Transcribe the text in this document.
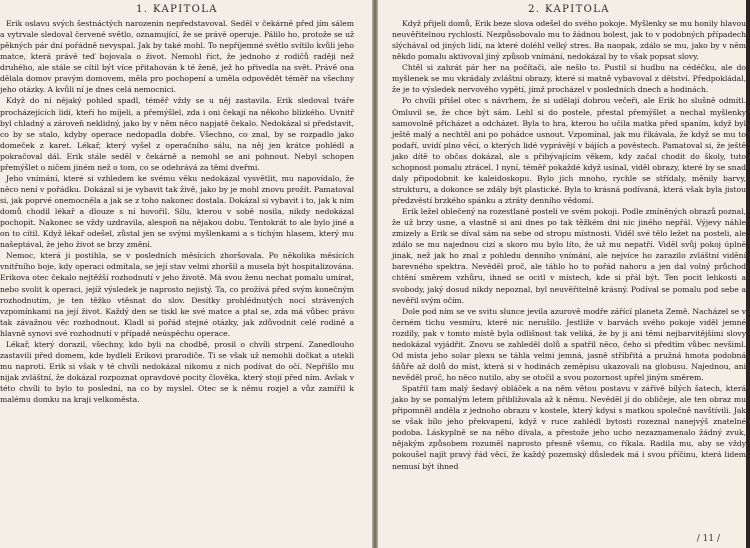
1. KAPITOLA

Erik oslavu svých šestnáctých narozenin nepředstavoval. Seděl v čekárně před jím sálem a vytrvale sledoval červené světlo, oznamující, že se právě operuje. Pálilo ho, protože se už pěkných pár dní pořádně nevyspal. Jak by také mohl. To nepříjemné světlo svítilo kvůli jeho matce, která právě teď bojovala o život. Nemohl říct, že jednoho z rodičů raději než druhého, ale stále se cítil být více přitahován k té ženě, jež ho přivedla na svět. Právě ona dělala domov pravým domovem, měla pro pochopení a uměla odpovědět téměř na všechny jeho otázky. A kvůli ní je dnes celá nemocnici.

Když do ní nějaký pohled spadl, téměř vždy se u něj zastavila. Erik sledoval tváře procházejících lidí, kteří ho míjeli, a přemýšlel, zda i oni čekají na někoho blízkého. Uvnitř byl chladný a zároveň neklidný, jako by v něm něco napjatě čekalo. Nedokázal si představit, co by se stalo, kdyby operace nedopadla dobře. Všechno, co znal, by se rozpadlo jako domeček z karet. Lékař, který vyšel z operačního sálu, na něj jen krátce pohlédl a pokračoval dál. Erik stále seděl v čekárně a nemohl se ani pohnout. Nebyl schopen přemýšlet o ničem jiném než o tom, co se odehrává za těmi dveřmi.

Jeho vnímání, které si vzhledem ke svému věku nedokázal vysvětlit, mu napovídalo, že něco není v pořádku. Dokázal si je vybavit tak živě, jako by je mohl znovu prožít. Pamatoval si, jak poprvé onemocněla a jak se z toho nakonec dostala. Dokázal si vybavit i to, jak k nim domů chodil lékař a dlouze s ní hovořil. Sílu, kterou v sobě nosila, nikdy nedokázal pochopit. Nakonec se vždy uzdravila, alespoň na nějakou dobu. Tentokrát to ale bylo jiné a on to cítil. Když lékař odešel, zůstal jen se svými myšlenkami a s tichým hlasem, který mu našeptával, že jeho život se brzy změní.

Nemoc, která ji postihla, se v posledních měsících zhoršovala. Po několika měsících vnitřního boje, kdy operaci odmítala, se její stav velmi zhoršil a musela být hospitalizována. Erikova otec čekalo nejtěžší rozhodnutí v jeho životě. Má svou ženu nechat pomalu umírat, nebo svolit k operaci, jejíž výsledek je naprosto nejistý. Ta, co prožívá před svým konečným rozhodnutím, je ten těžko vtěsnat do slov. Desítky prohlédnutých nocí strávených vzpomínkami na její život. Každý den se tiskl ke své matce a ptal se, zda má vůbec právo tak závažnou věc rozhodnout. Kladl si pořád stejné otázky, jak zdůvodnit celé rodině a hlavně synovi své rozhodnutí v případě neúspěchu operace.

Lékař, který dorazil, všechny, kdo byli na chodbě, prosil o chvíli strpení. Zanedlouho zastavili před domem, kde bydleli Erikovi prarodiče. Ti se však už nemohli dočkat a utekli mu naproti. Erik si však v té chvíli nedokázal nikomu z nich podívat do očí. Nepřišlo mu nijak zvláštní, že dokázal rozpoznat opravdové pocity člověka, který stojí před ním. Avšak v této chvíli to bylo to poslední, na co by myslel. Otec se k němu rozjel a vůz zamířil k malému domku na kraji velkoměsta.

2. KAPITOLA

Když přijeli domů, Erik beze slova odešel do svého pokoje. Myšlenky se mu honily hlavou neuvěřitelnou rychlostí. Nezpůsobovalo mu to žádnou bolest, jak to v podobných případech slýchával od jiných lidí, na které doléhl velký stres. Ba naopak, zdálo se mu, jako by v něm někdo pomalu aktivoval jiný způsob vnímání, nedokázal by to však popsat slovy.

Chtěl si zahrát pár her na počítači, ale nešlo to. Pustil si hudbu na cédéčku, ale do myšlenek se mu vkrádaly zvláštní obrazy, které si matně vybavoval z dětství. Předpokládal, že je to výsledek nervového vypětí, jímž procházel v posledních dnech a hodinách.

Po chvíli přišel otec s návrhem, že si udělají dobrou večeři, ale Erik ho slušně odmítl. Omluvil se, že chce být sám. Lehl si do postele, přestal přemýšlet a nechal myšlenky samovolně přicházet a odcházet. Byla to hra, kterou ho učila matka před spaním, když byl ještě malý a nechtěl ani po pohádce usnout. Vzpomínal, jak mu říkávala, že když se mu to podaří, uvidí plno věcí, o kterých lidé vyprávějí v bájích a pověstech. Pamatoval si, že ještě jako dítě to občas dokázal, ale s přibývajícím věkem, kdy začal chodit do školy, tuto schopnost pomalu ztrácel. I nyní, téměř pokaždé když usínal, viděl obrazy, které by se snad daly připodobnit ke kaleidoskopu. Bylo jich mnoho, rychle se střídaly, měnily barvy, strukturu, a dokonce se zdály být plastické. Byla to krásná podívaná, která však byla jistou předzvěstí brzkého spánku a ztráty denního vědomí.

Erik ležel oblečený na rozestlané posteli ve svém pokoji. Podle zmíněných obrazů poznal, že už brzy usne, a vlastně si ani dnes po tak těžkém dni nic jiného nepřál. Výjevy náhle zmizely a Erik se díval sám na sebe od stropu místnosti. Viděl své tělo ležet na posteli, ale zdálo se mu najednou cizí a skoro mu bylo líto, že už mu nepatří. Viděl svůj pokoj úplně jinak, než jak ho znal z pohledu denního vnímání, ale nejvíce ho zarazilo zvláštní vidění barevného spektra. Nevěděl proč, ale táhlo ho to pořád nahoru a jen dal volný průchod chtění směrem vzhůru, ihned se ocitl v místech, kde si přál být. Ten pocit lehkosti a svobody, jaký dosud nikdy nepoznal, byl neuvěřitelně krásný. Podíval se pomalu pod sebe a nevěřil svým očím.

Dole pod ním se ve svitu slunce jevila azurově modře zářící planeta Země. Nacházel se v černém tichu vesmíru, které nic nerušilo. Jestliže v barvách svého pokoje viděl jemné rozdíly, pak v tomto místě byla odlišnost tak veliká, že by ji ani těmi nejbarvitějšími slovy nedokázal vyjádřit. Znovu se zahleděl dolů a spatřil něco, čeho si předtím vůbec nevšiml. Od místa jeho solar plexu se táhla velmi jemná, jasně stříbřitá a pružná hmota podobná šňůře až dolů do míst, která si v hodinách zeměpisu ukazovali na globusu. Najednou, ani nevěděl proč, ho něco nutilo, aby se otočil a svou pozornost upřel jiným směrem.

Spatřil tam malý šedavý obláček a na něm větou postavu v zářivě bílých šatech, která jako by se pomalým letem přibližovala až k němu. Nevěděl jí do obličeje, ale ten obraz mu připomněl anděla z jednoho obrazu v kostele, který kdysi s matkou společně navštívili. Jak se však bílo jeho překvapení, když v ruce zahlédl bytosti rozeznal nanejvýš znatelné podoba. Láskyplně se na něho dívala, a přestože jeho ucho nezaznamenalo žádný zvuk, nějakým způsobem rozuměl naprosto přesně všemu, co říkala. Radila mu, aby se vždy pokoušel najít pravý řád věcí, že každý pozemský důsledek má i svou příčinu, která lidem nemusí být ihned

/ 11 /
